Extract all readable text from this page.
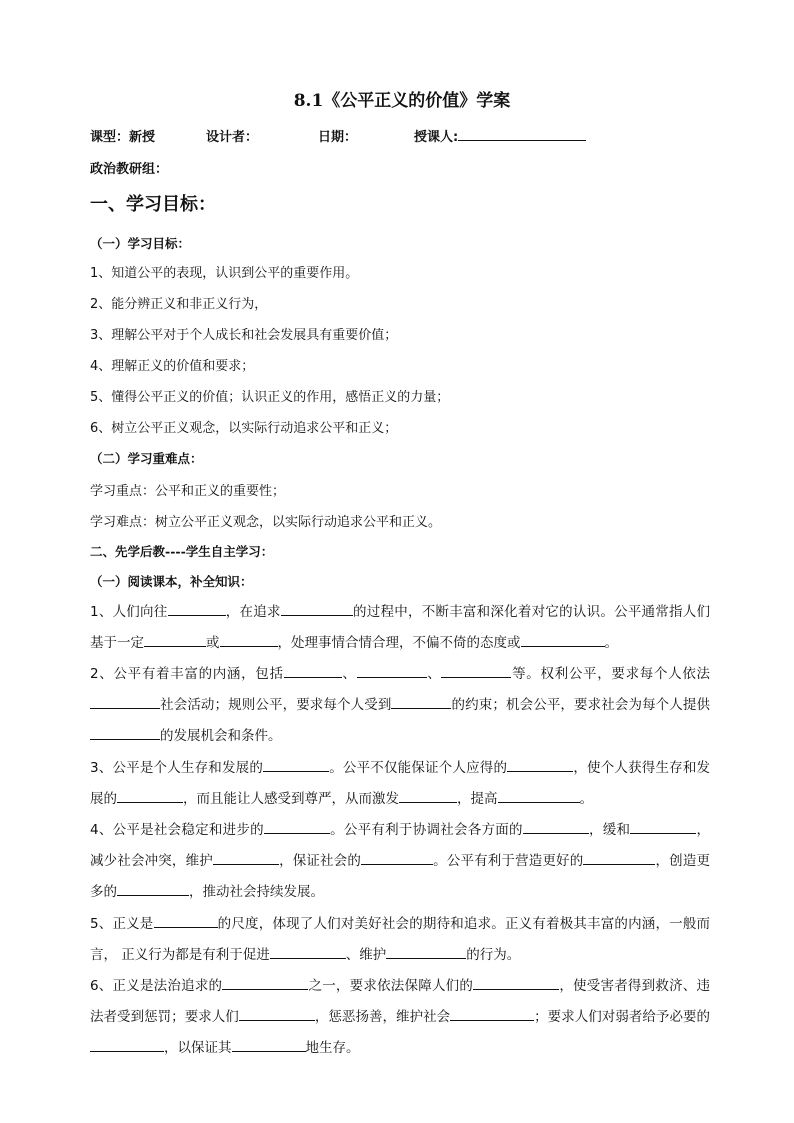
8.1《公平正义的价值》学案
课型：新授	设计者：	日期：	授课人:
政治教研组：
一、学习目标：
（一）学习目标：
1、知道公平的表现，认识到公平的重要作用。
2、能分辨正义和非正义行为，
3、理解公平对于个人成长和社会发展具有重要价值；
4、理解正义的价值和要求；
5、懂得公平正义的价值；认识正义的作用，感悟正义的力量；
6、树立公平正义观念，以实际行动追求公平和正义；
（二）学习重难点：
学习重点：公平和正义的重要性；
学习难点：树立公平正义观念，以实际行动追求公平和正义。
二、先学后教----学生自主学习：
（一）阅读课本，补全知识：
1、人们向往	，在追求	的过程中，不断丰富和深化着对它的认识。公平通常指人们基于一定	或	，处理事情合情合理，不偏不倚的态度或	。
2、公平有着丰富的内涵，包括	、	、	等。权利公平，要求每个人依法社会活动；规则公平，要求每个人受到	的约束；机会公平，要求社会为每个人提供的发展机会和条件。
3、公平是个人生存和发展的	。公平不仅能保证个人应得的	，使个人获得生存和发展的	，而且能让人感受到尊严，从而激发	，提高	。
4、公平是社会稳定和进步的	。公平有利于协调社会各方面的	，缓和	，减少社会冲突，维护	，保证社会的	。公平有利于营造更好的	，创造更多的	，推动社会持续发展。
5、正义是	的尺度，体现了人们对美好社会的期待和追求。正义有着极其丰富的内涵，一般而言， 正义行为都是有利于促进	、维护	的行为。
6、正义是法治追求的	之一，要求依法保障人们的	，使受害者得到救济、违法者受到惩罚；要求人们	，惩恶扬善，维护社会	；要求人们对弱者给予必要的，以保证其	地生存。
